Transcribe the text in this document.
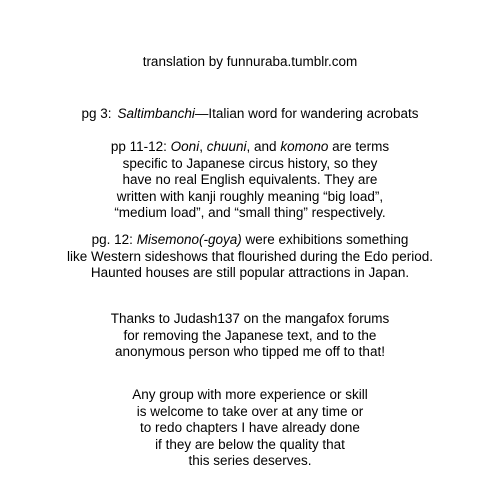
translation by funnuraba.tumblr.com
pg 3: Saltimbanchi—Italian word for wandering acrobats
pp 11-12: Ooni, chuuni, and komono are terms
specific to Japanese circus history, so they
have no real English equivalents. They are
written with kanji roughly meaning “big load”,
“medium load”, and “small thing” respectively.
pg. 12: Misemono(-goya) were exhibitions something
like Western sideshows that flourished during the Edo period.
Haunted houses are still popular attractions in Japan.
Thanks to Judash137 on the mangafox forums
for removing the Japanese text, and to the
anonymous person who tipped me off to that!
Any group with more experience or skill
is welcome to take over at any time or
to redo chapters I have already done
if they are below the quality that
this series deserves.
